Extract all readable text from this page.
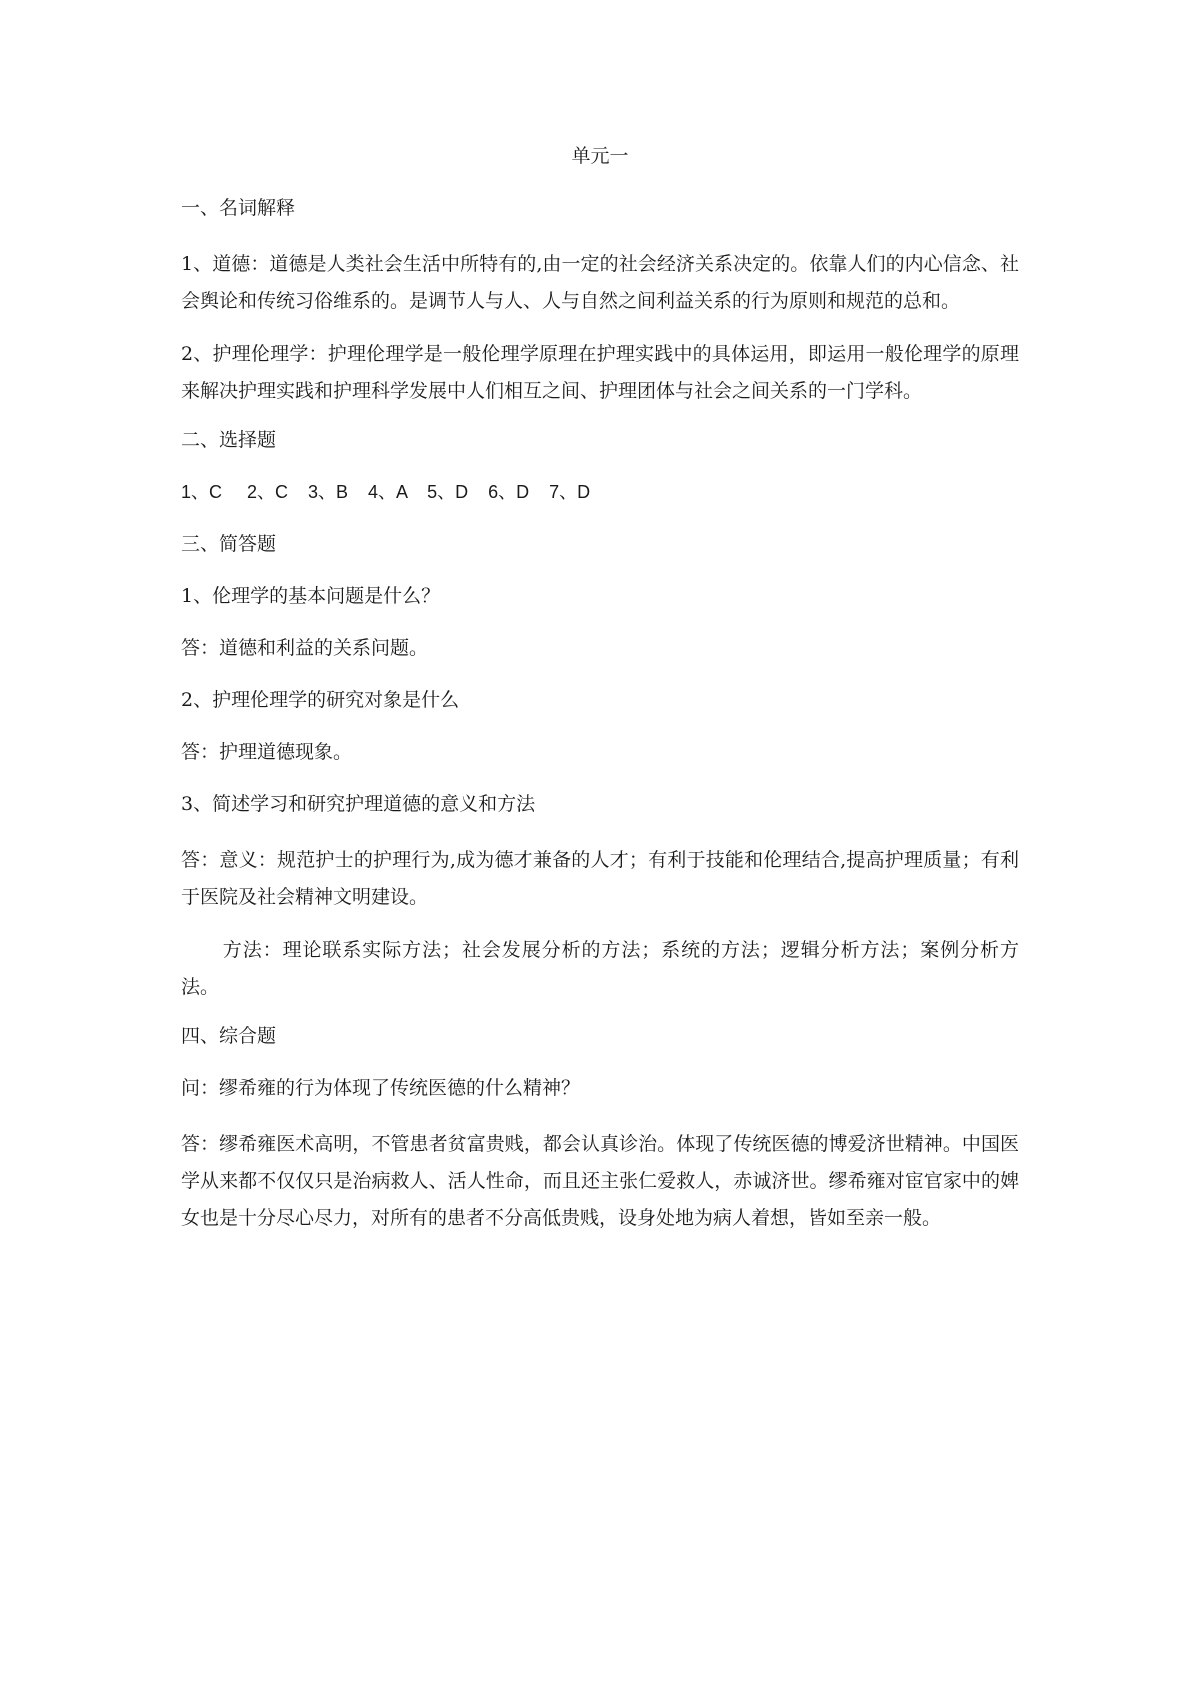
单元一
一、名词解释

1、道德：道德是人类社会生活中所特有的,由一定的社会经济关系决定的。依靠人们的内心信念、社会舆论和传统习俗维系的。是调节人与人、人与自然之间利益关系的行为原则和规范的总和。

2、护理伦理学：护理伦理学是一般伦理学原理在护理实践中的具体运用，即运用一般伦理学的原理来解决护理实践和护理科学发展中人们相互之间、护理团体与社会之间关系的一门学科。

二、选择题
1、C     2、C    3、B    4、A    5、D    6、D    7、D
三、简答题
1、伦理学的基本问题是什么？
答：道德和利益的关系问题。
2、护理伦理学的研究对象是什么
答：护理道德现象。
3、简述学习和研究护理道德的意义和方法

答：意义：规范护士的护理行为,成为德才兼备的人才；有利于技能和伦理结合,提高护理质量；有利于医院及社会精神文明建设。

方法：理论联系实际方法；社会发展分析的方法；系统的方法；逻辑分析方法；案例分析方法。

四、综合题
问：缪希雍的行为体现了传统医德的什么精神？

答：缪希雍医术高明，不管患者贫富贵贱，都会认真诊治。体现了传统医德的博爱济世精神。中国医学从来都不仅仅只是治病救人、活人性命，而且还主张仁爱救人，赤诚济世。缪希雍对宦官家中的婢女也是十分尽心尽力，对所有的患者不分高低贵贱，设身处地为病人着想，皆如至亲一般。
